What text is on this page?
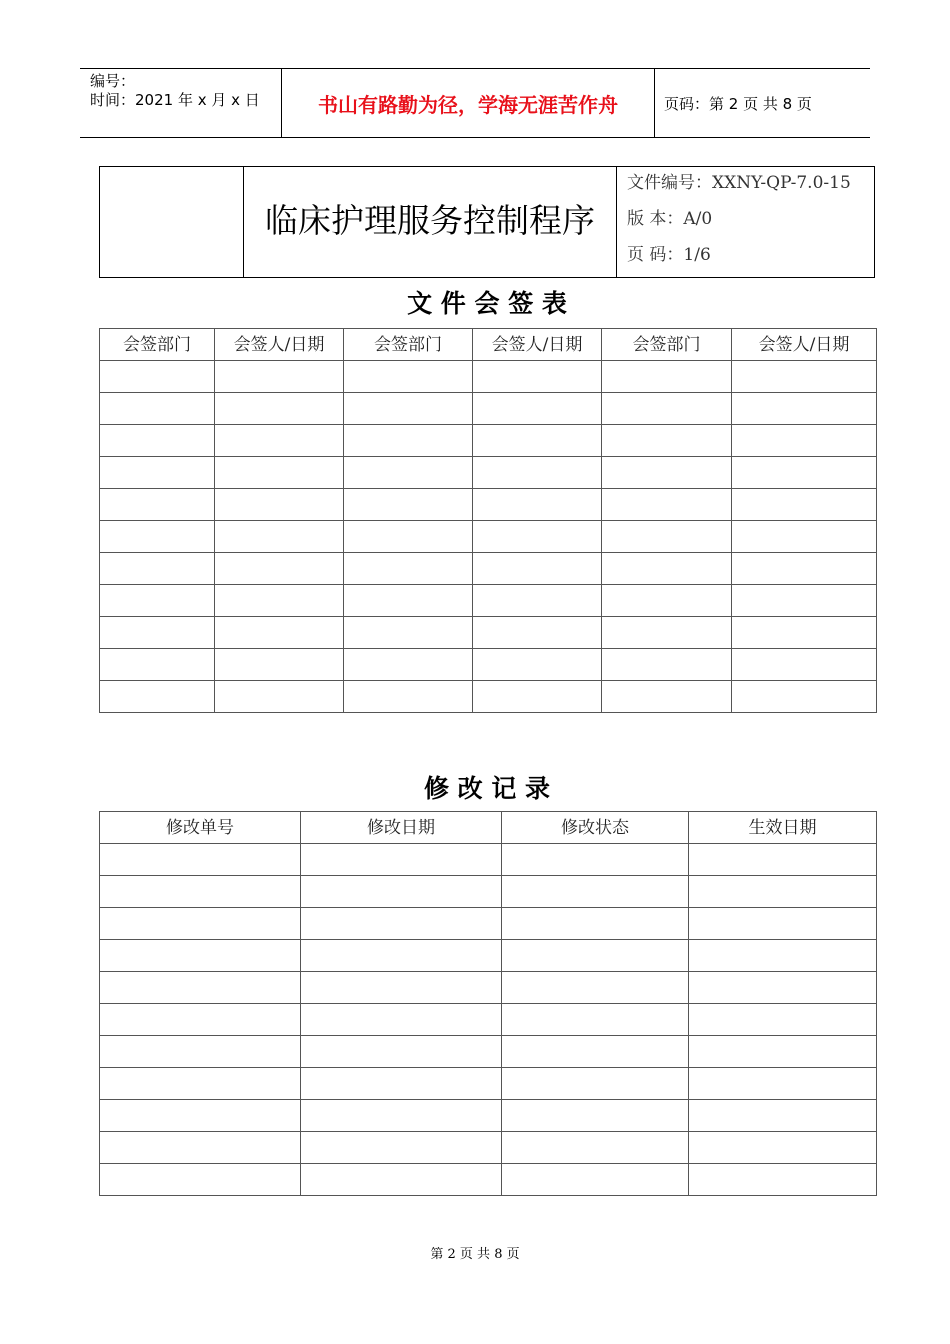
编号：
时间：2021 年 x 月 x 日	书山有路勤为径，学海无涯苦作舟	页码：第 2 页 共 8 页
临床护理服务控制程序
文件编号：XXNY-QP-7.0-15
版 本：A/0
页 码：1/6
文 件 会 签 表
会签部门	会签人/日期	会签部门	会签人/日期	会签部门	会签人/日期

修 改 记 录
修改单号	修改日期	修改状态	生效日期

第 2 页 共 8 页
